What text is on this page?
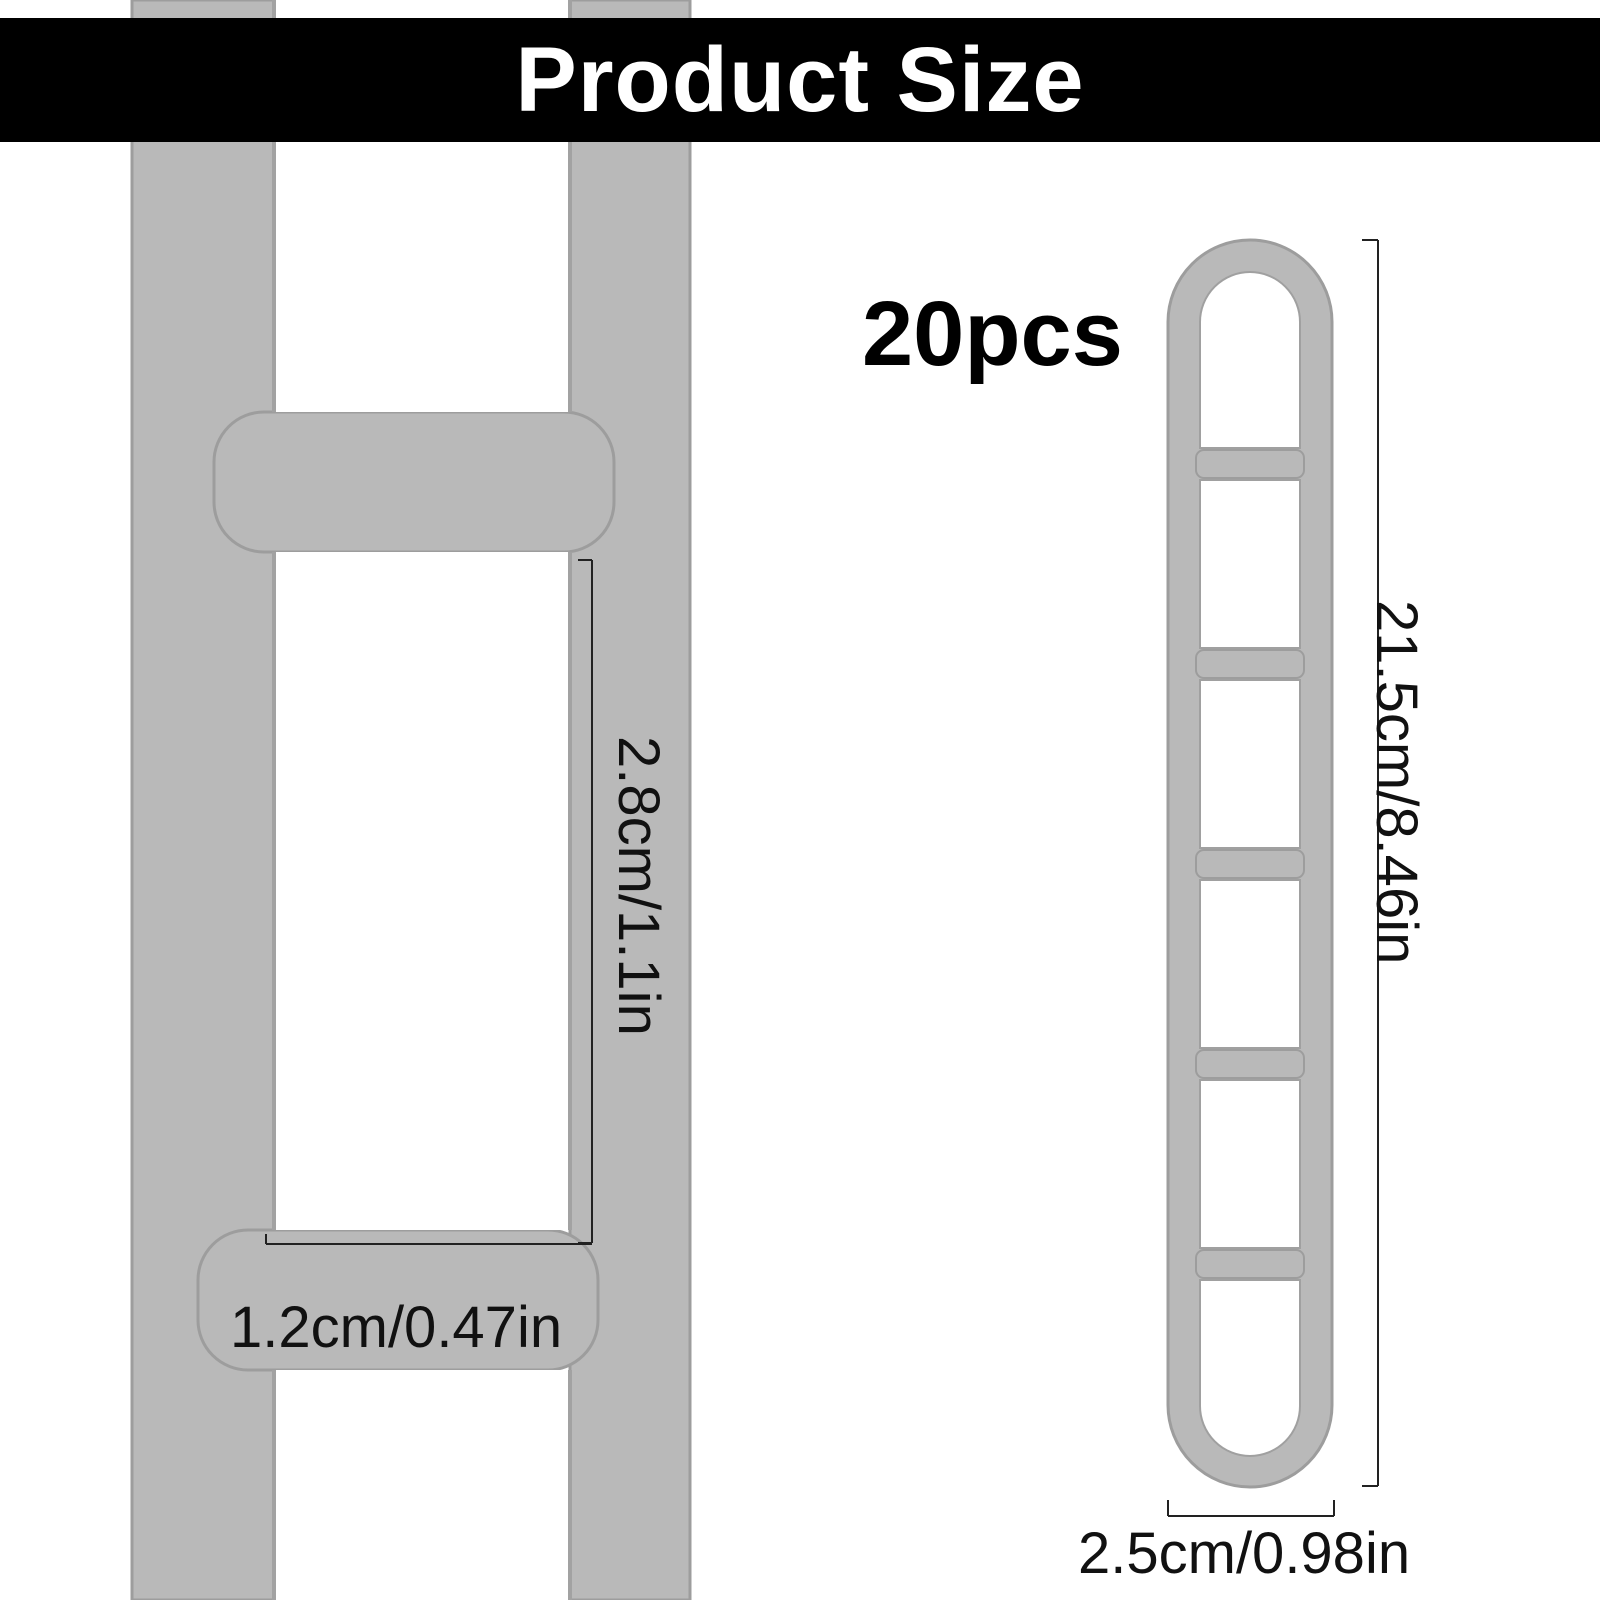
Product Size
20pcs
2.8cm/1.1in
1.2cm/0.47in
21.5cm/8.46in
2.5cm/0.98in
